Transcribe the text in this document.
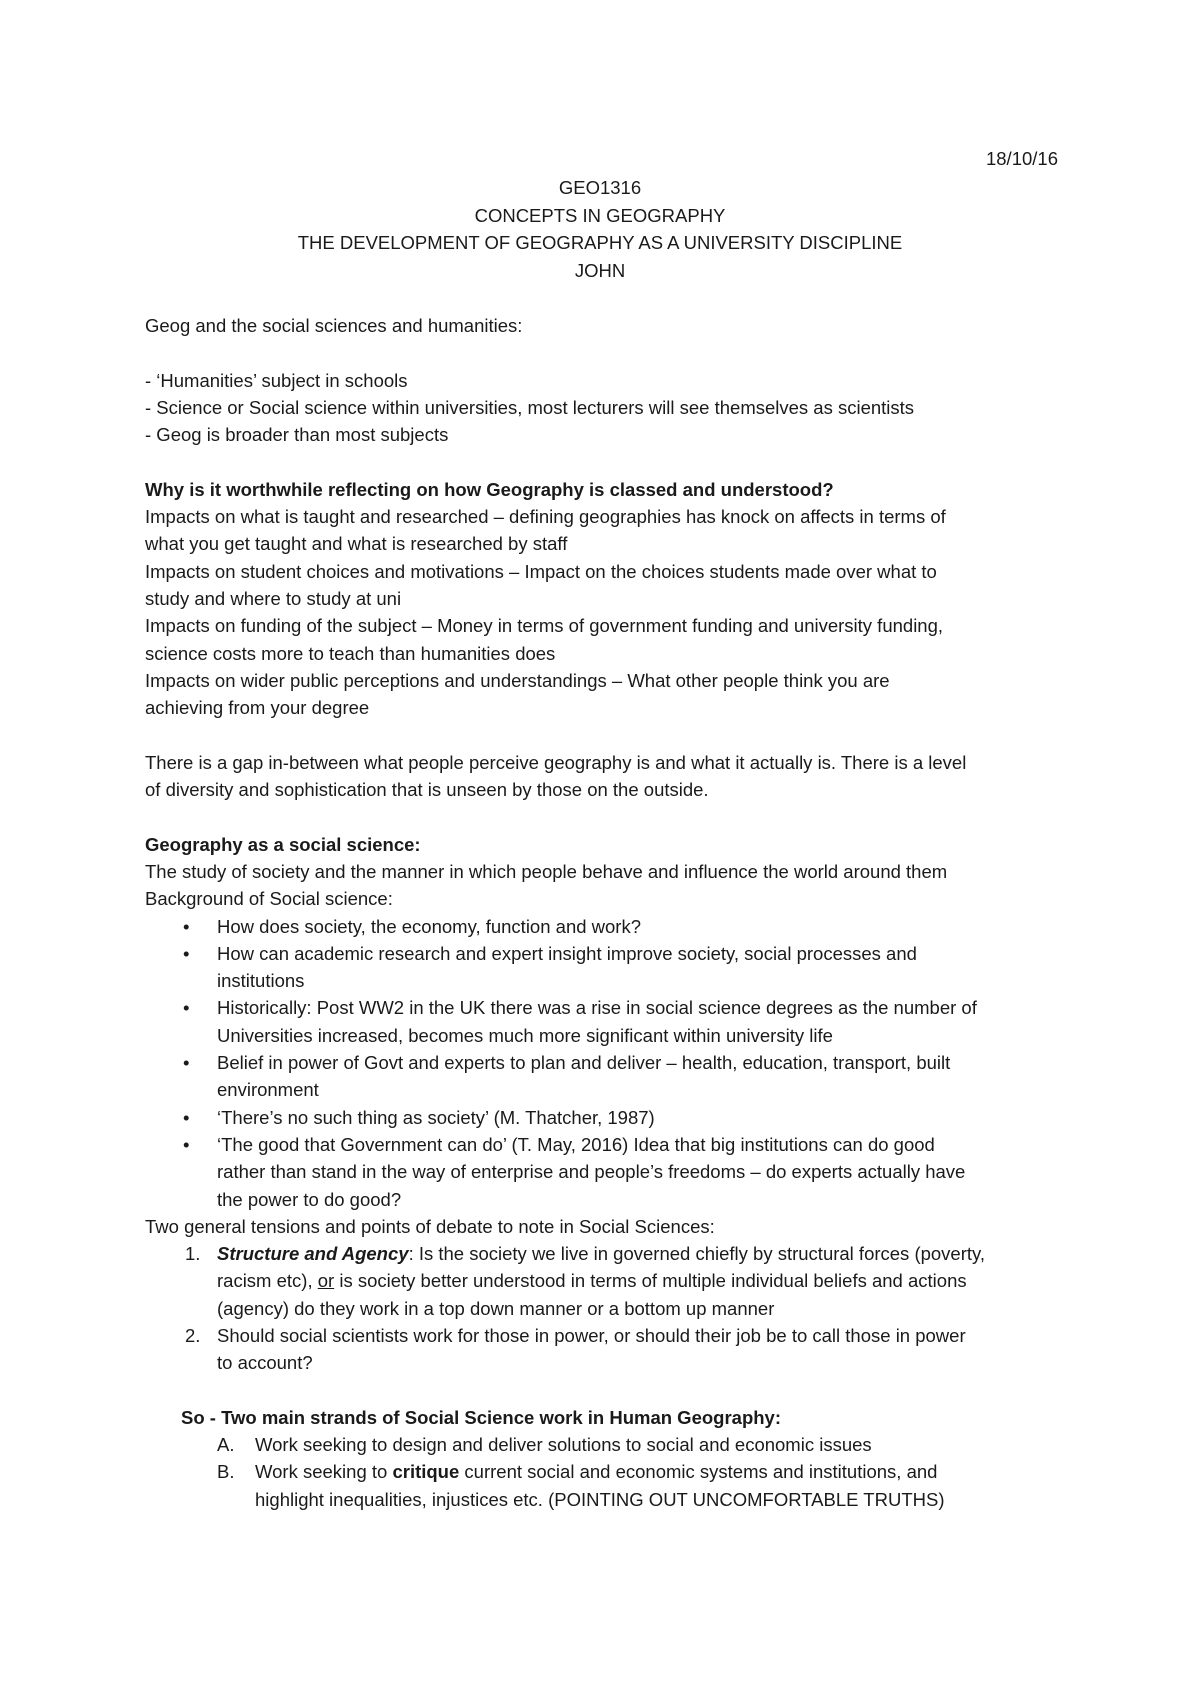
18/10/16
GEO1316
CONCEPTS IN GEOGRAPHY
THE DEVELOPMENT OF GEOGRAPHY AS A UNIVERSITY DISCIPLINE
JOHN
Geog and the social sciences and humanities:
- ‘Humanities’ subject in schools
- Science or Social science within universities, most lecturers will see themselves as scientists
- Geog is broader than most subjects
Why is it worthwhile reflecting on how Geography is classed and understood?
Impacts on what is taught and researched – defining geographies has knock on affects in terms of
what you get taught and what is researched by staff
Impacts on student choices and motivations – Impact on the choices students made over what to
study and where to study at uni
Impacts on funding of the subject – Money in terms of government funding and university funding,
science costs more to teach than humanities does
Impacts on wider public perceptions and understandings – What other people think you are
achieving from your degree
There is a gap in-between what people perceive geography is and what it actually is. There is a level
of diversity and sophistication that is unseen by those on the outside.
Geography as a social science:
The study of society and the manner in which people behave and influence the world around them
Background of Social science:
• How does society, the economy, function and work?
• How can academic research and expert insight improve society, social processes and
institutions
• Historically: Post WW2 in the UK there was a rise in social science degrees as the number of
Universities increased, becomes much more significant within university life
• Belief in power of Govt and experts to plan and deliver – health, education, transport, built
environment
• ‘There’s no such thing as society’ (M. Thatcher, 1987)
• ‘The good that Government can do’ (T. May, 2016) Idea that big institutions can do good
rather than stand in the way of enterprise and people’s freedoms – do experts actually have
the power to do good?
Two general tensions and points of debate to note in Social Sciences:
1. Structure and Agency: Is the society we live in governed chiefly by structural forces (poverty,
racism etc), or is society better understood in terms of multiple individual beliefs and actions
(agency) do they work in a top down manner or a bottom up manner
2. Should social scientists work for those in power, or should their job be to call those in power
to account?
So - Two main strands of Social Science work in Human Geography:
A. Work seeking to design and deliver solutions to social and economic issues
B. Work seeking to critique current social and economic systems and institutions, and
highlight inequalities, injustices etc. (POINTING OUT UNCOMFORTABLE TRUTHS)
